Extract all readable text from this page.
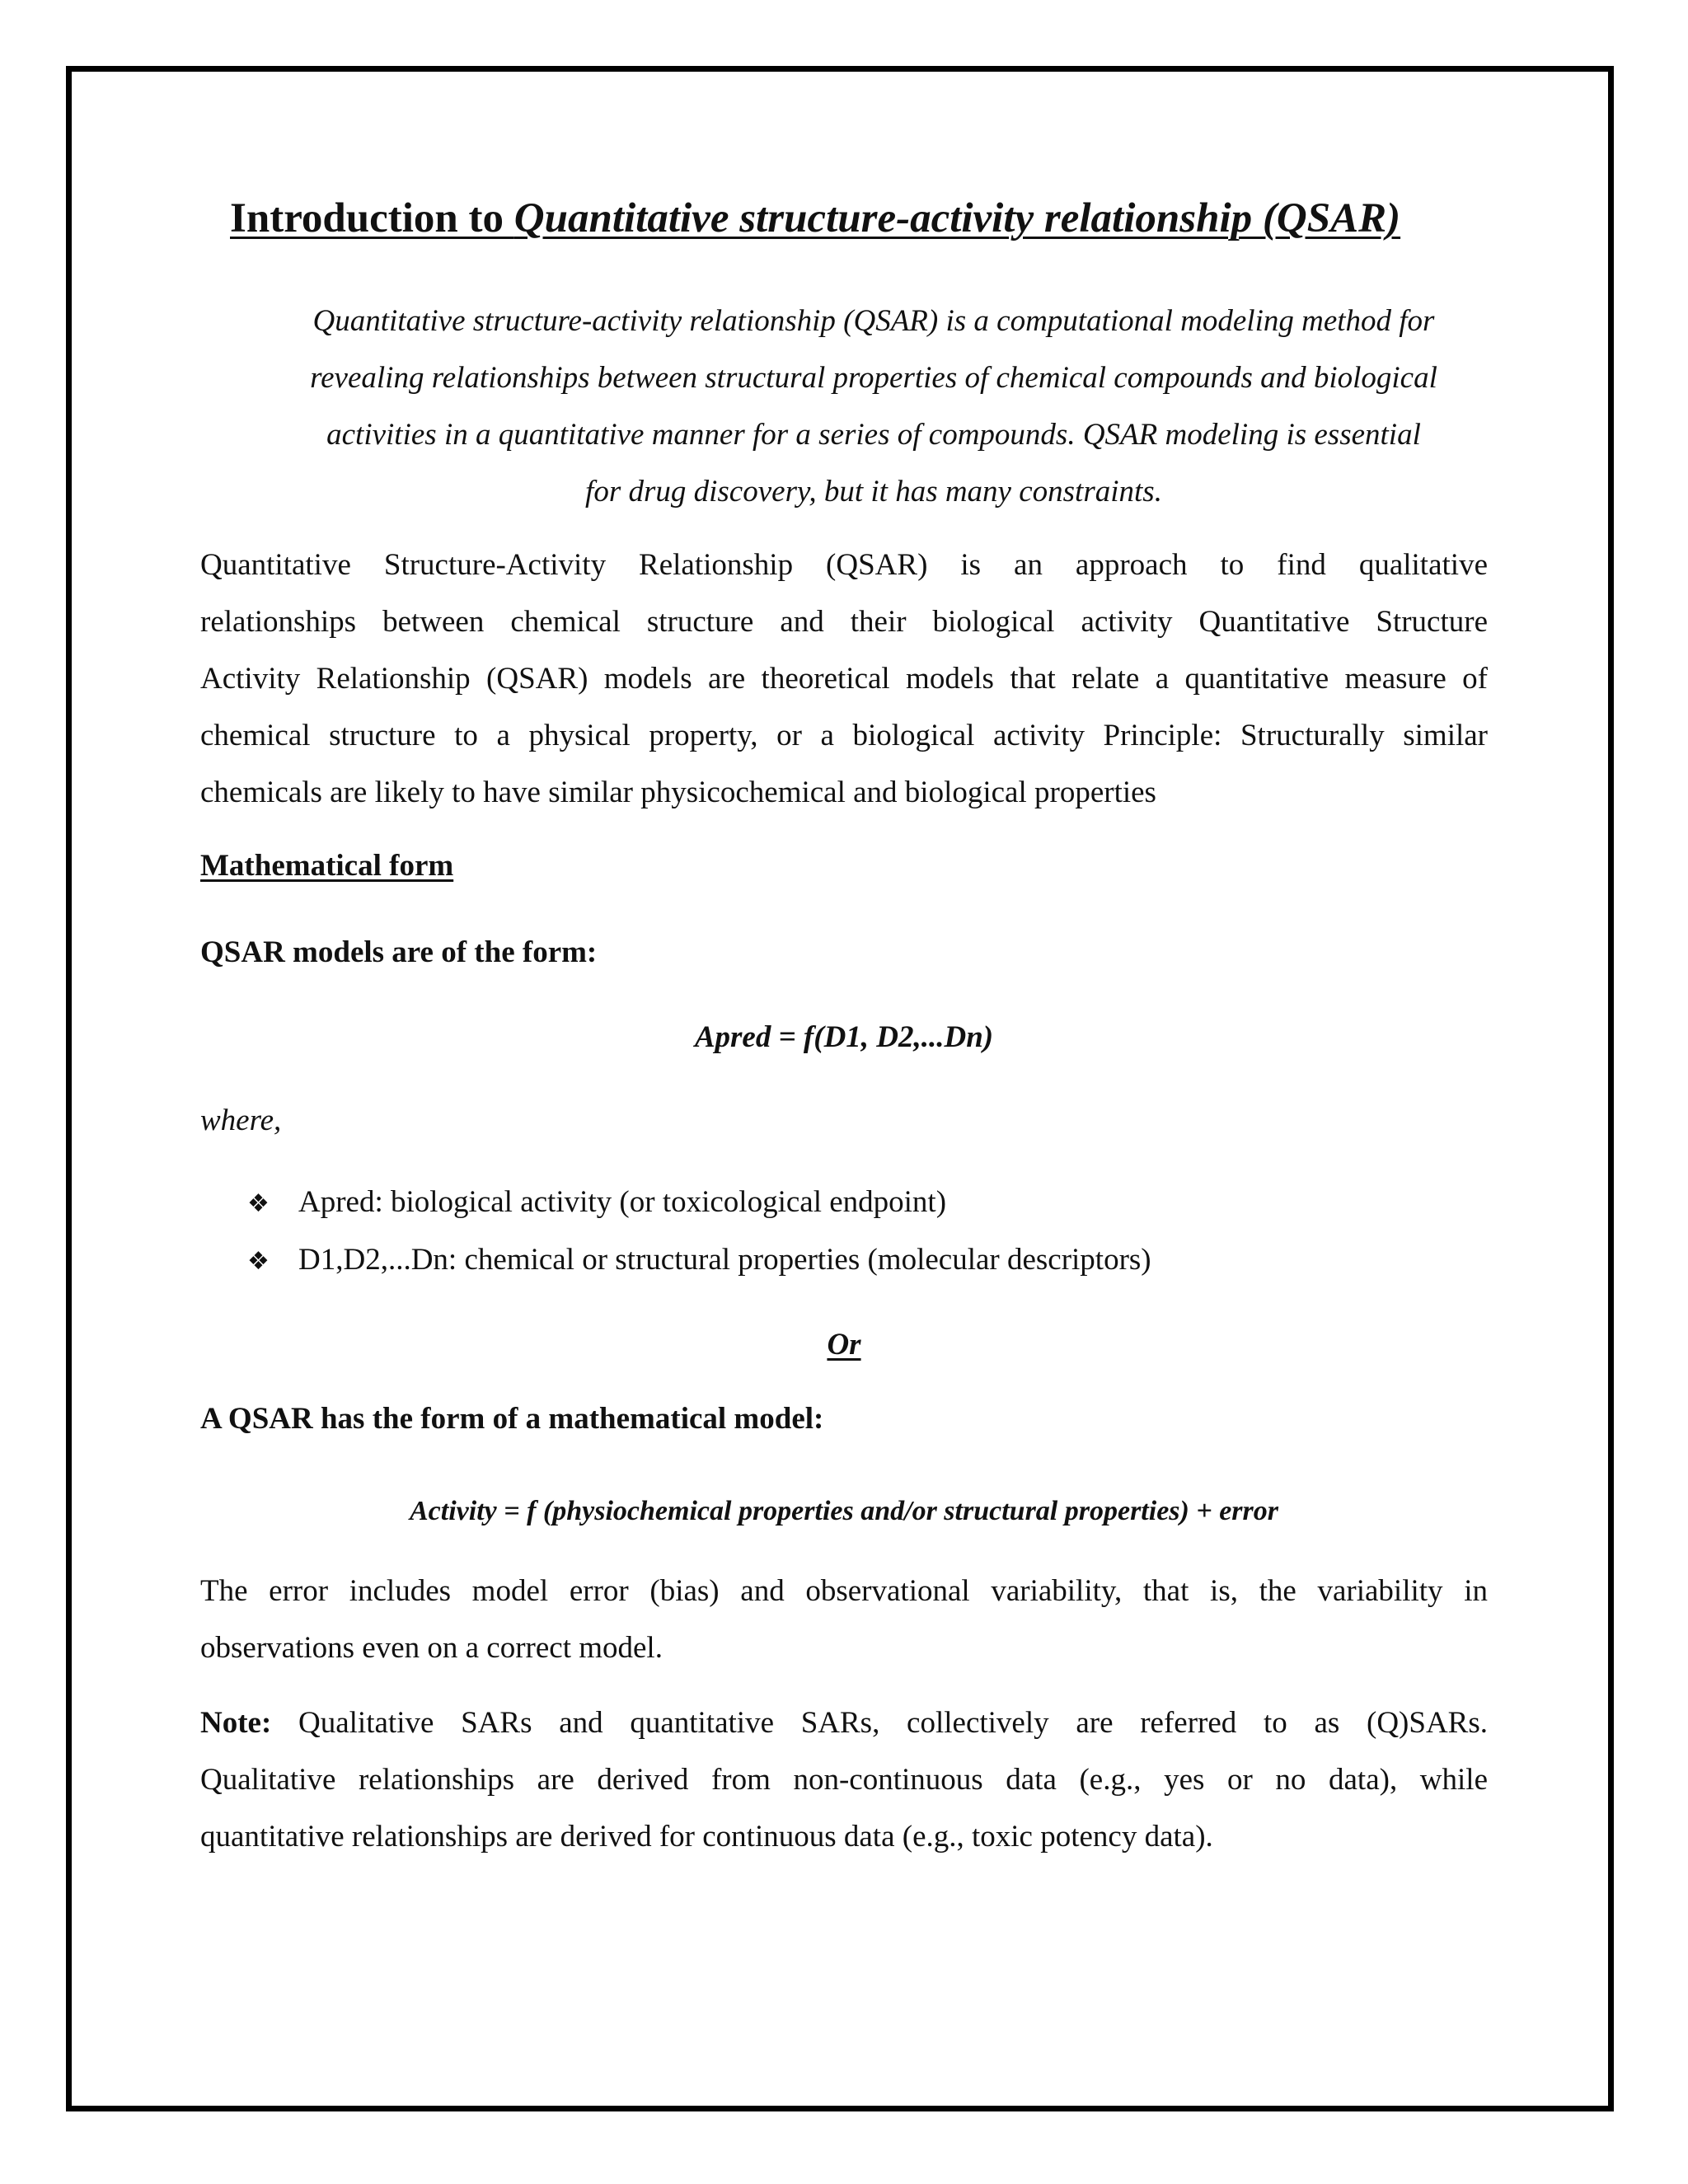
Introduction to Quantitative structure-activity relationship (QSAR)

Quantitative structure-activity relationship (QSAR) is a computational modeling method for

revealing relationships between structural properties of chemical compounds and biological

activities in a quantitative manner for a series of compounds. QSAR modeling is essential

for drug discovery, but it has many constraints.

Quantitative Structure-Activity Relationship (QSAR) is an approach to find qualitative

relationships between chemical structure and their biological activity Quantitative Structure

Activity Relationship (QSAR) models are theoretical models that relate a quantitative measure of

chemical structure to a physical property, or a biological activity Principle: Structurally similar

chemicals are likely to have similar physicochemical and biological properties

Mathematical form
QSAR models are of the form:

Apred = f(D1, D2,...Dn)

where,

❖ Apred: biological activity (or toxicological endpoint)

❖ D1,D2,...Dn: chemical or structural properties (molecular descriptors)

Or

A QSAR has the form of a mathematical model:

Activity = f (physiochemical properties and/or structural properties) + error

The error includes model error (bias) and observational variability, that is, the variability in

observations even on a correct model.

Note: Qualitative SARs and quantitative SARs, collectively are referred to as (Q)SARs.

Qualitative relationships are derived from non-continuous data (e.g., yes or no data), while

quantitative relationships are derived for continuous data (e.g., toxic potency data).
